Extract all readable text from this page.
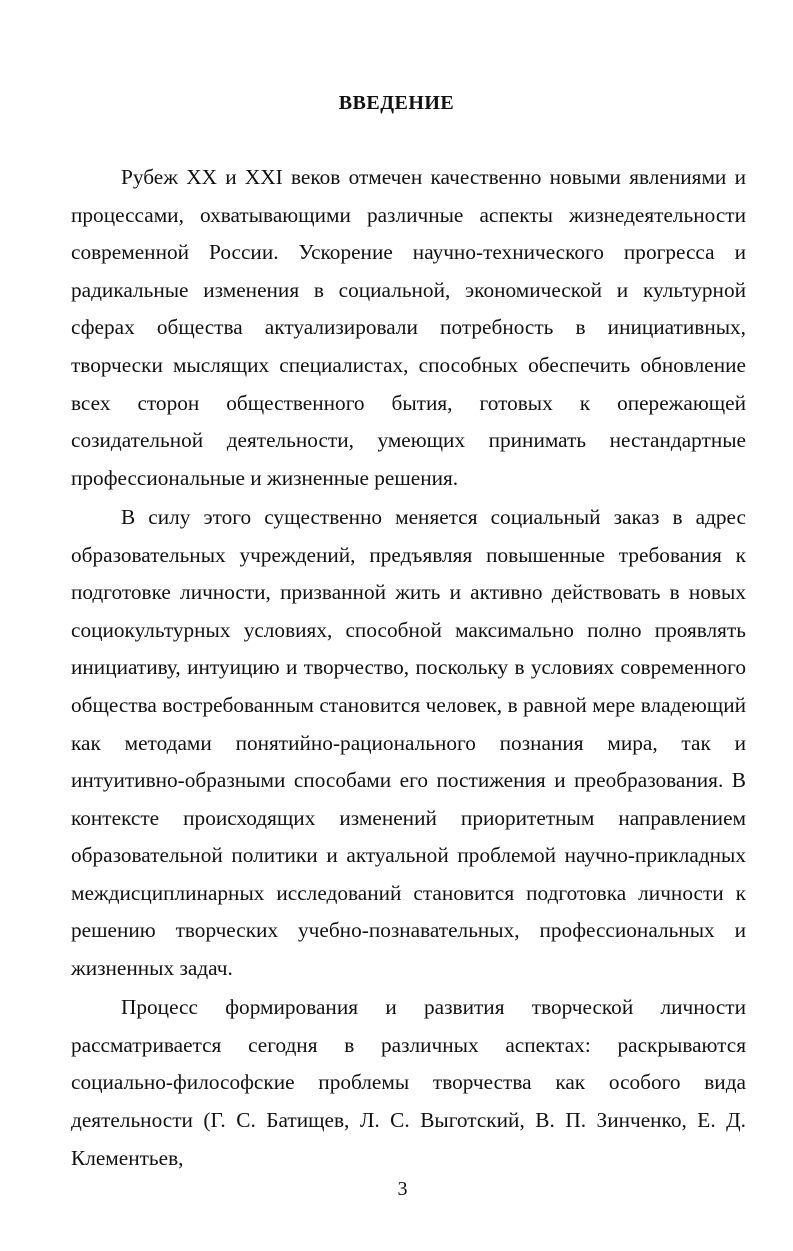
ВВЕДЕНИЕ

Рубеж XX и XXI веков отмечен качественно новыми явлениями и процессами, охватывающими различные аспекты жизнедеятельности современной России. Ускорение научно-технического прогресса и радикальные изменения в социальной, экономической и культурной сферах общества актуализировали потребность в инициативных, творчески мыслящих специалистах, способных обеспечить обновление всех сторон общественного бытия, готовых к опережающей созидательной деятельности, умеющих принимать нестандартные профессиональные и жизненные решения.

В силу этого существенно меняется социальный заказ в адрес образовательных учреждений, предъявляя повышенные требования к подготовке личности, призванной жить и активно действовать в новых социокультурных условиях, способной максимально полно проявлять инициативу, интуицию и творчество, поскольку в условиях современного общества востребованным становится человек, в равной мере владеющий как методами понятийно-рационального познания мира, так и интуитивно-образными способами его постижения и преобразования. В контексте происходящих изменений приоритетным направлением образовательной политики и актуальной проблемой научно-прикладных междисциплинарных исследований становится подготовка личности к решению творческих учебно-познавательных, профессиональных и жизненных задач.

Процесс формирования и развития творческой личности рассматривается сегодня в различных аспектах: раскрываются социально-философские проблемы творчества как особого вида деятельности (Г. С. Батищев, Л. С. Выготский, В. П. Зинченко, Е. Д. Клементьев,

3
